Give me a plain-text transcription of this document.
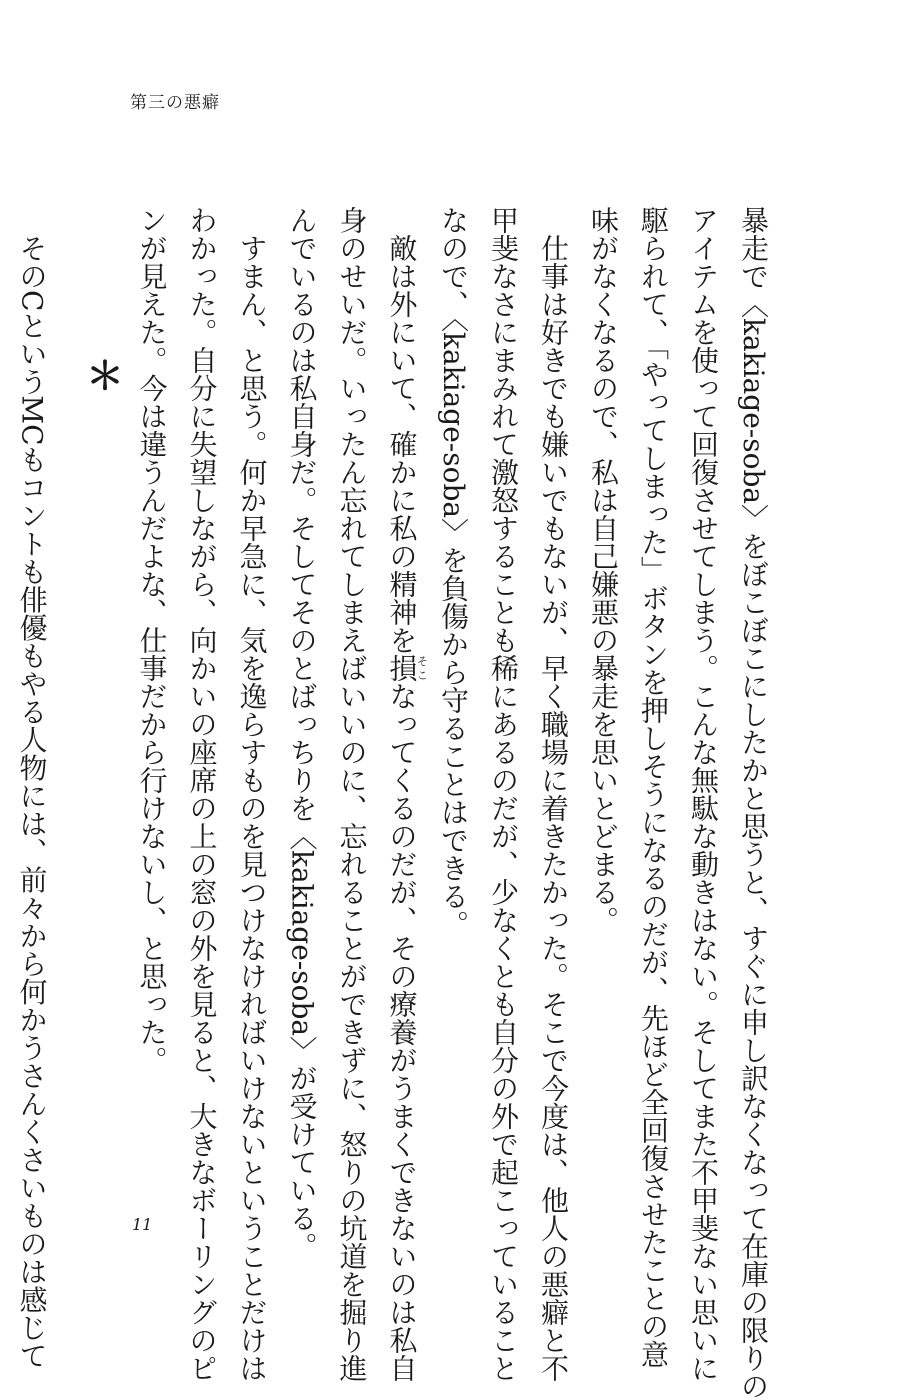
第三の悪癖

暴走で〈kakiage-soba〉をぼこぼこにしたかと思うと、すぐに申し訳なくなって在庫の限りの

アイテムを使って回復させてしまう。こんな無駄な動きはない。そしてまた不甲斐ない思いに

駆られて、「やってしまった」ボタンを押しそうになるのだが、先ほど全回復させたことの意

味がなくなるので、私は自己嫌悪の暴走を思いとどまる。

仕事は好きでも嫌いでもないが、早く職場に着きたかった。そこで今度は、他人の悪癖と不

甲斐なさにまみれて激怒することも稀にあるのだが、少なくとも自分の外で起こっていること

なので、〈kakiage-soba〉を負傷から守ることはできる。

敵は外にいて、確かに私の精神を損そこなってくるのだが、その療養がうまくできないのは私自

身のせいだ。いったん忘れてしまえばいいのに、忘れることができずに、怒りの坑道を掘り進

んでいるのは私自身だ。そしてそのとばっちりを〈kakiage-soba〉が受けている。

すまん、と思う。何か早急に、気を逸らすものを見つけなければいけないということだけは

わかった。自分に失望しながら、向かいの座席の上の窓の外を見ると、大きなボーリングのピ

ンが見えた。今は違うんだよな、仕事だから行けないし、と思った。

＊

そのCというMCもコントも俳優もやる人物には、前々から何かうさんくさいものは感じて	11
